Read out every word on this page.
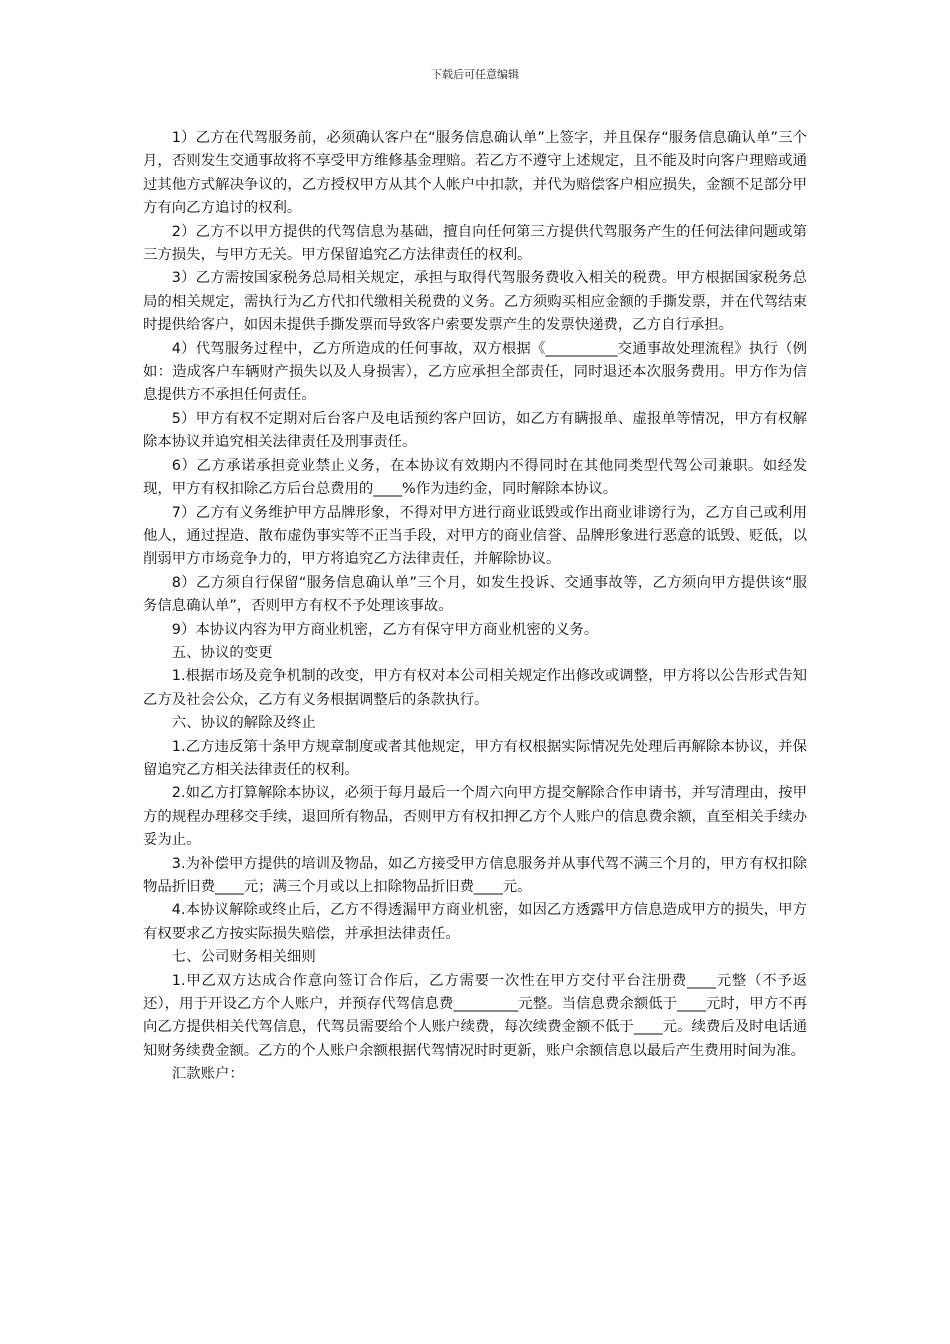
下载后可任意编辑

1）乙方在代驾服务前，必须确认客户在“服务信息确认单”上签字，并且保存“服务信息确认单”三个月，否则发生交通事故将不享受甲方维修基金理赔。若乙方不遵守上述规定，且不能及时向客户理赔或通过其他方式解决争议的，乙方授权甲方从其个人帐户中扣款，并代为赔偿客户相应损失，金额不足部分甲方有向乙方追讨的权利。

2）乙方不以甲方提供的代驾信息为基础，擅自向任何第三方提供代驾服务产生的任何法律问题或第三方损失，与甲方无关。甲方保留追究乙方法律责任的权利。

3）乙方需按国家税务总局相关规定，承担与取得代驾服务费收入相关的税费。甲方根据国家税务总局的相关规定，需执行为乙方代扣代缴相关税费的义务。乙方须购买相应金额的手撕发票，并在代驾结束时提供给客户，如因未提供手撕发票而导致客户索要发票产生的发票快递费，乙方自行承担。

4）代驾服务过程中，乙方所造成的任何事故，双方根据《__________交通事故处理流程》执行（例如：造成客户车辆财产损失以及人身损害），乙方应承担全部责任，同时退还本次服务费用。甲方作为信息提供方不承担任何责任。

5）甲方有权不定期对后台客户及电话预约客户回访，如乙方有瞒报单、虚报单等情况，甲方有权解除本协议并追究相关法律责任及刑事责任。

6）乙方承诺承担竞业禁止义务，在本协议有效期内不得同时在其他同类型代驾公司兼职。如经发现，甲方有权扣除乙方后台总费用的____%作为违约金，同时解除本协议。

7）乙方有义务维护甲方品牌形象，不得对甲方进行商业诋毁或作出商业诽谤行为，乙方自己或利用他人，通过捏造、散布虚伪事实等不正当手段，对甲方的商业信誉、品牌形象进行恶意的诋毁、贬低，以削弱甲方市场竞争力的，甲方将追究乙方法律责任，并解除协议。

8）乙方须自行保留“服务信息确认单”三个月，如发生投诉、交通事故等，乙方须向甲方提供该“服务信息确认单”，否则甲方有权不予处理该事故。

9）本协议内容为甲方商业机密，乙方有保守甲方商业机密的义务。

五、协议的变更

1.根据市场及竞争机制的改变，甲方有权对本公司相关规定作出修改或调整，甲方将以公告形式告知乙方及社会公众，乙方有义务根据调整后的条款执行。

六、协议的解除及终止

1.乙方违反第十条甲方规章制度或者其他规定，甲方有权根据实际情况先处理后再解除本协议，并保留追究乙方相关法律责任的权利。

2.如乙方打算解除本协议，必须于每月最后一个周六向甲方提交解除合作申请书，并写清理由，按甲方的规程办理移交手续，退回所有物品，否则甲方有权扣押乙方个人账户的信息费余额，直至相关手续办妥为止。

3.为补偿甲方提供的培训及物品，如乙方接受甲方信息服务并从事代驾不满三个月的，甲方有权扣除物品折旧费____元；满三个月或以上扣除物品折旧费____元。

4.本协议解除或终止后，乙方不得透漏甲方商业机密，如因乙方透露甲方信息造成甲方的损失，甲方有权要求乙方按实际损失赔偿，并承担法律责任。

七、公司财务相关细则

1.甲乙双方达成合作意向签订合作后，乙方需要一次性在甲方交付平台注册费____元整（不予返还），用于开设乙方个人账户，并预存代驾信息费_________元整。当信息费余额低于____元时，甲方不再向乙方提供相关代驾信息，代驾员需要给个人账户续费，每次续费金额不低于____元。续费后及时电话通知财务续费金额。乙方的个人账户余额根据代驾情况时时更新，账户余额信息以最后产生费用时间为准。

汇款账户：
